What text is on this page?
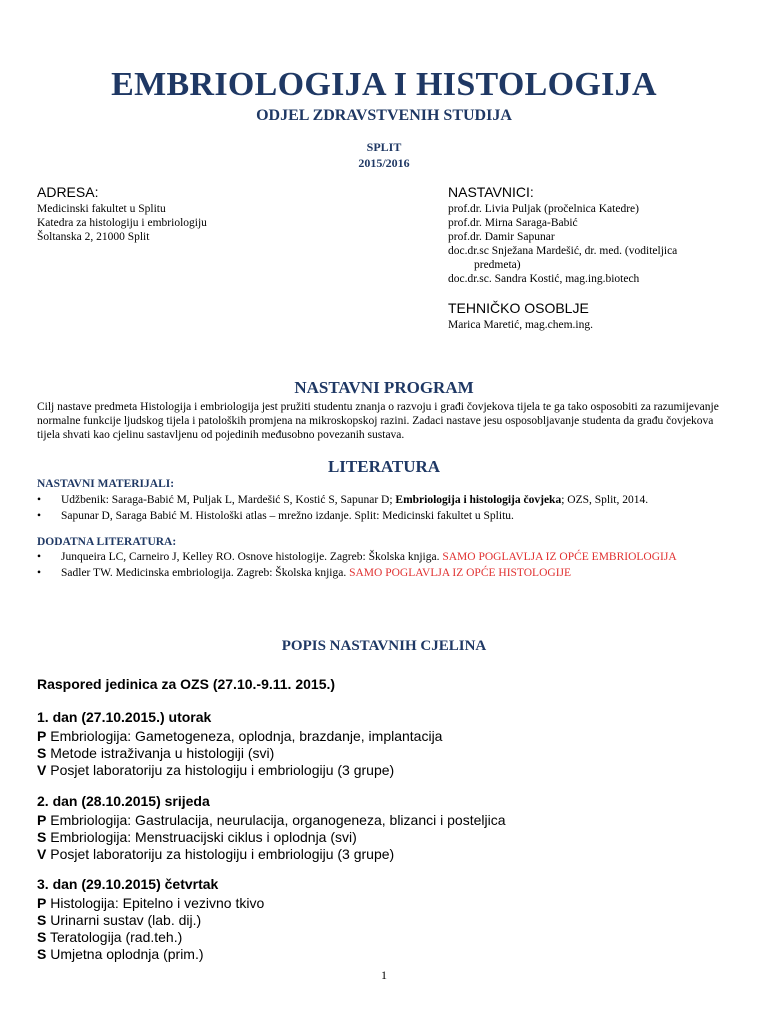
EMBRIOLOGIJA I HISTOLOGIJA
ODJEL ZDRAVSTVENIH STUDIJA
SPLIT
2015/2016
ADRESA:
Medicinski fakultet u Splitu
Katedra za histologiju i embriologiju
Šoltanska 2, 21000 Split
NASTAVNICI:
prof.dr. Livia Puljak (pročelnica Katedre)
prof.dr. Mirna Saraga-Babić
prof.dr. Damir Sapunar
doc.dr.sc Snježana Mardešić, dr. med. (voditeljica
predmeta)
doc.dr.sc. Sandra Kostić, mag.ing.biotech
TEHNIČKO OSOBLJE
Marica Maretić, mag.chem.ing.
NASTAVNI PROGRAM
Cilj nastave predmeta Histologija i embriologija jest pružiti studentu znanja o razvoju i građi čovjekova tijela te ga tako osposobiti za razumijevanje normalne funkcije ljudskog tijela i patoloških promjena na mikroskopskoj razini. Zadaci nastave jesu osposobljavanje studenta da građu čovjekova tijela shvati kao cjelinu sastavljenu od pojedinih međusobno povezanih sustava.
LITERATURA
NASTAVNI MATERIJALI:
• Udžbenik: Saraga-Babić M, Puljak L, Mardešić S, Kostić S, Sapunar D; Embriologija i histologija čovjeka; OZS, Split, 2014.
• Sapunar D, Saraga Babić M. Histološki atlas – mrežno izdanje. Split: Medicinski fakultet u Splitu.
DODATNA LITERATURA:
• Junqueira LC, Carneiro J, Kelley RO. Osnove histologije. Zagreb: Školska knjiga. SAMO POGLAVLJA IZ OPĆE EMBRIOLOGIJA
• Sadler TW. Medicinska embriologija. Zagreb: Školska knjiga. SAMO POGLAVLJA IZ OPĆE HISTOLOGIJE
POPIS NASTAVNIH CJELINA
Raspored jedinica za OZS (27.10.-9.11. 2015.)
1. dan (27.10.2015.) utorak
P Embriologija: Gametogeneza, oplodnja, brazdanje, implantacija
S Metode istraživanja u histologiji (svi)
V Posjet laboratoriju za histologiju i embriologiju (3 grupe)
2. dan (28.10.2015) srijeda
P Embriologija: Gastrulacija, neurulacija, organogeneza, blizanci i posteljica
S Embriologija: Menstruacijski ciklus i oplodnja (svi)
V Posjet laboratoriju za histologiju i embriologiju (3 grupe)
3. dan (29.10.2015) četvrtak
P Histologija: Epitelno i vezivno tkivo
S Urinarni sustav (lab. dij.)
S Teratologija (rad.teh.)
S Umjetna oplodnja (prim.)
1
